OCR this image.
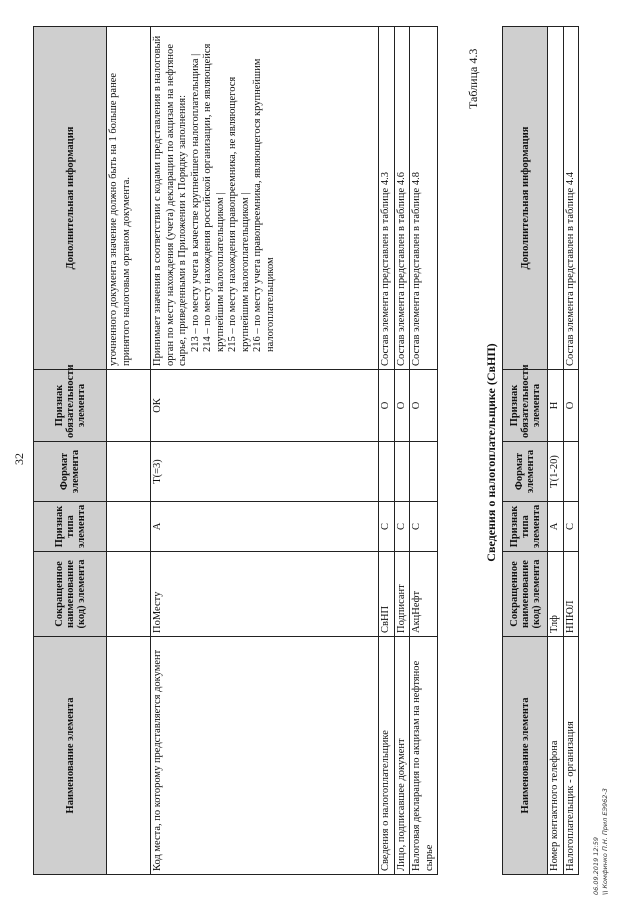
32
Наименование элемента	Сокращенное наименование (код) элемента	Признак типа элемента	Формат элемента	Признак обязательности элемента	Дополнительная информация
					уточненного документа значение должно быть на 1 больше ранее принятого налоговым органом документа.
Код места, по которому представляется документ	ПоМесту	А	T(=3)	ОК	Принимает значения в соответствии с кодами представления в налоговый орган по месту нахождения (учета) декларации по акцизам на нефтяное сырье, приведенными в Приложении к Порядку заполнения: 213 – по месту учета в качестве крупнейшего налогоплательщика | 214 – по месту нахождения российской организации, не являющейся крупнейшим налогоплательщиком | 215 – по месту нахождения правопреемника, не являющегося крупнейшим налогоплательщиком | 216 – по месту учета правопреемника, являющегося крупнейшим налогоплательщиком

Сведения о налогоплательщике	СвНП	С		О	Состав элемента представлен в таблице 4.3
Лицо, подписавшее документ	Подписант	С		О	Состав элемента представлен в таблице 4.6
Налоговая декларация по акцизам на нефтяное сырье	АкцНефт	С		О	Состав элемента представлен в таблице 4.8
Таблица 4.3
Сведения о налогоплательщике (СвНП)
Наименование элемента	Сокращенное наименование (код) элемента	Признак типа элемента	Формат элемента	Признак обязательности элемента	Дополнительная информация
Номер контактного телефона	Тлф	А	T(1-20)	Н	
Налогоплательщик - организация	НПЮЛ	С		О	Состав элемента представлен в таблице 4.4
06.09.2019 12:59 \\ Комфинко П.Н. Прил ЕЭ962-3
